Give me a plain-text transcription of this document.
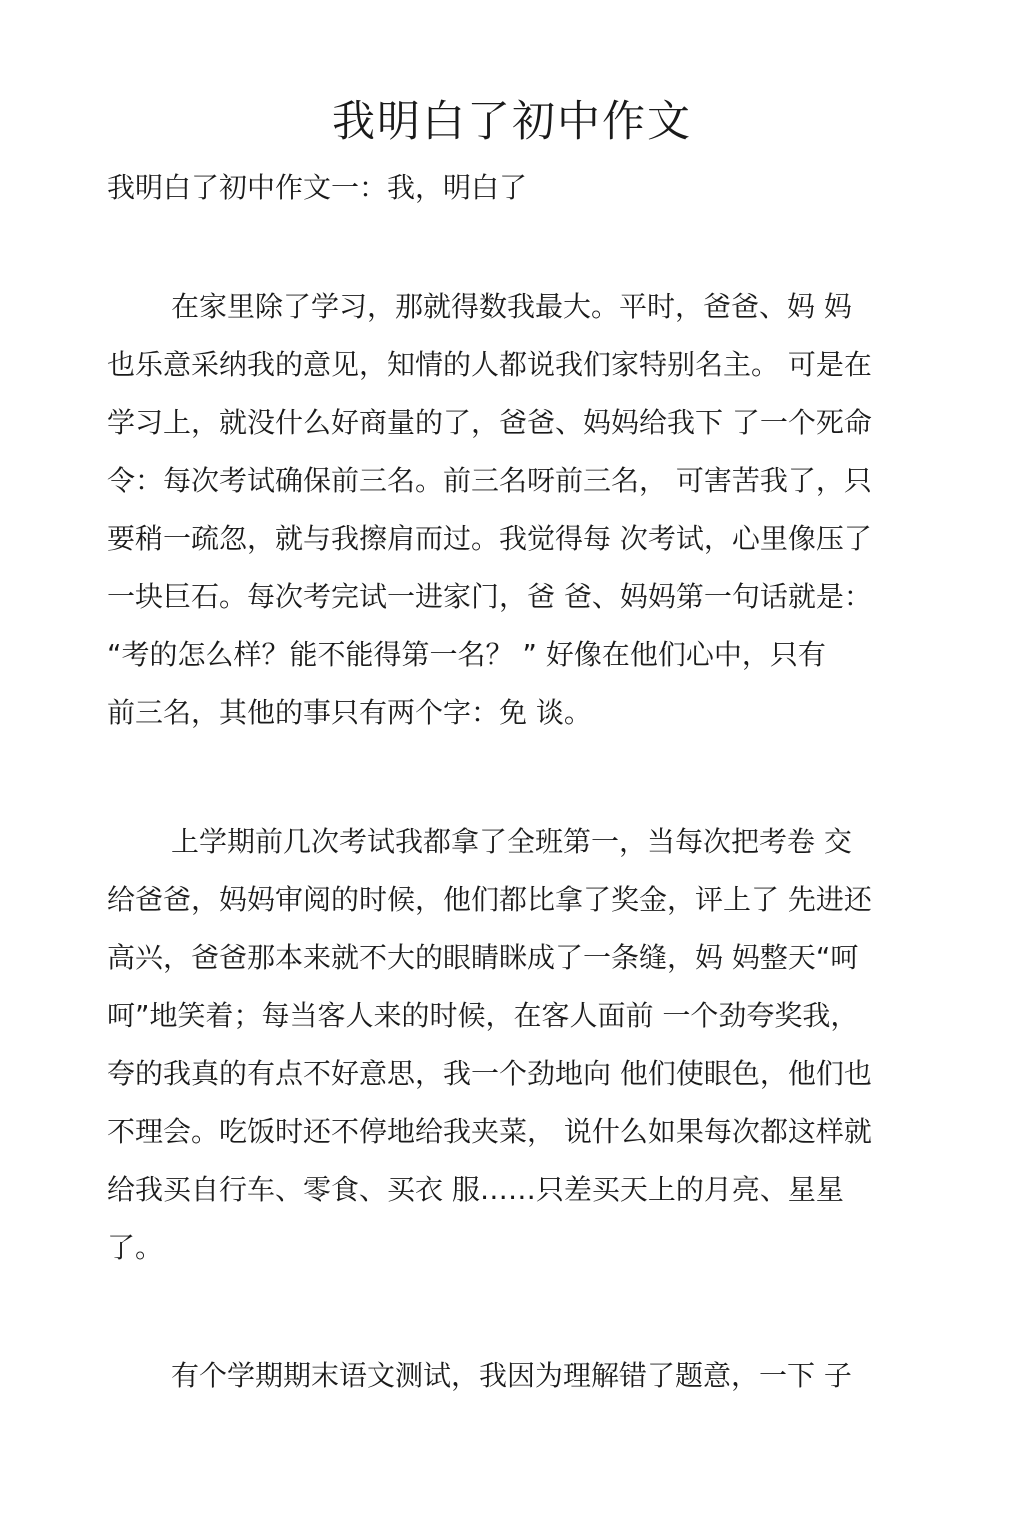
我明白了初中作文

我明白了初中作文一：我，明白了

在家里除了学习，那就得数我最大。平时，爸爸、妈 妈
也乐意采纳我的意见，知情的人都说我们家特别名主。 可是在
学习上，就没什么好商量的了，爸爸、妈妈给我下 了一个死命
令：每次考试确保前三名。前三名呀前三名， 可害苦我了，只
要稍一疏忽，就与我擦肩而过。我觉得每 次考试，心里像压了
一块巨石。每次考完试一进家门，爸 爸、妈妈第一句话就是：
“考的怎么样？能不能得第一名？ ” 好像在他们心中，只有
前三名，其他的事只有两个字：免 谈。
上学期前几次考试我都拿了全班第一，当每次把考卷 交
给爸爸，妈妈审阅的时候，他们都比拿了奖金，评上了 先进还
高兴，爸爸那本来就不大的眼睛眯成了一条缝，妈 妈整天“呵
呵”地笑着；每当客人来的时候，在客人面前 一个劲夸奖我，
夸的我真的有点不好意思，我一个劲地向 他们使眼色，他们也
不理会。吃饭时还不停地给我夹菜， 说什么如果每次都这样就
给我买自行车、零食、买衣 服……只差买天上的月亮、星星
了。
有个学期期末语文测试，我因为理解错了题意，一下 子
